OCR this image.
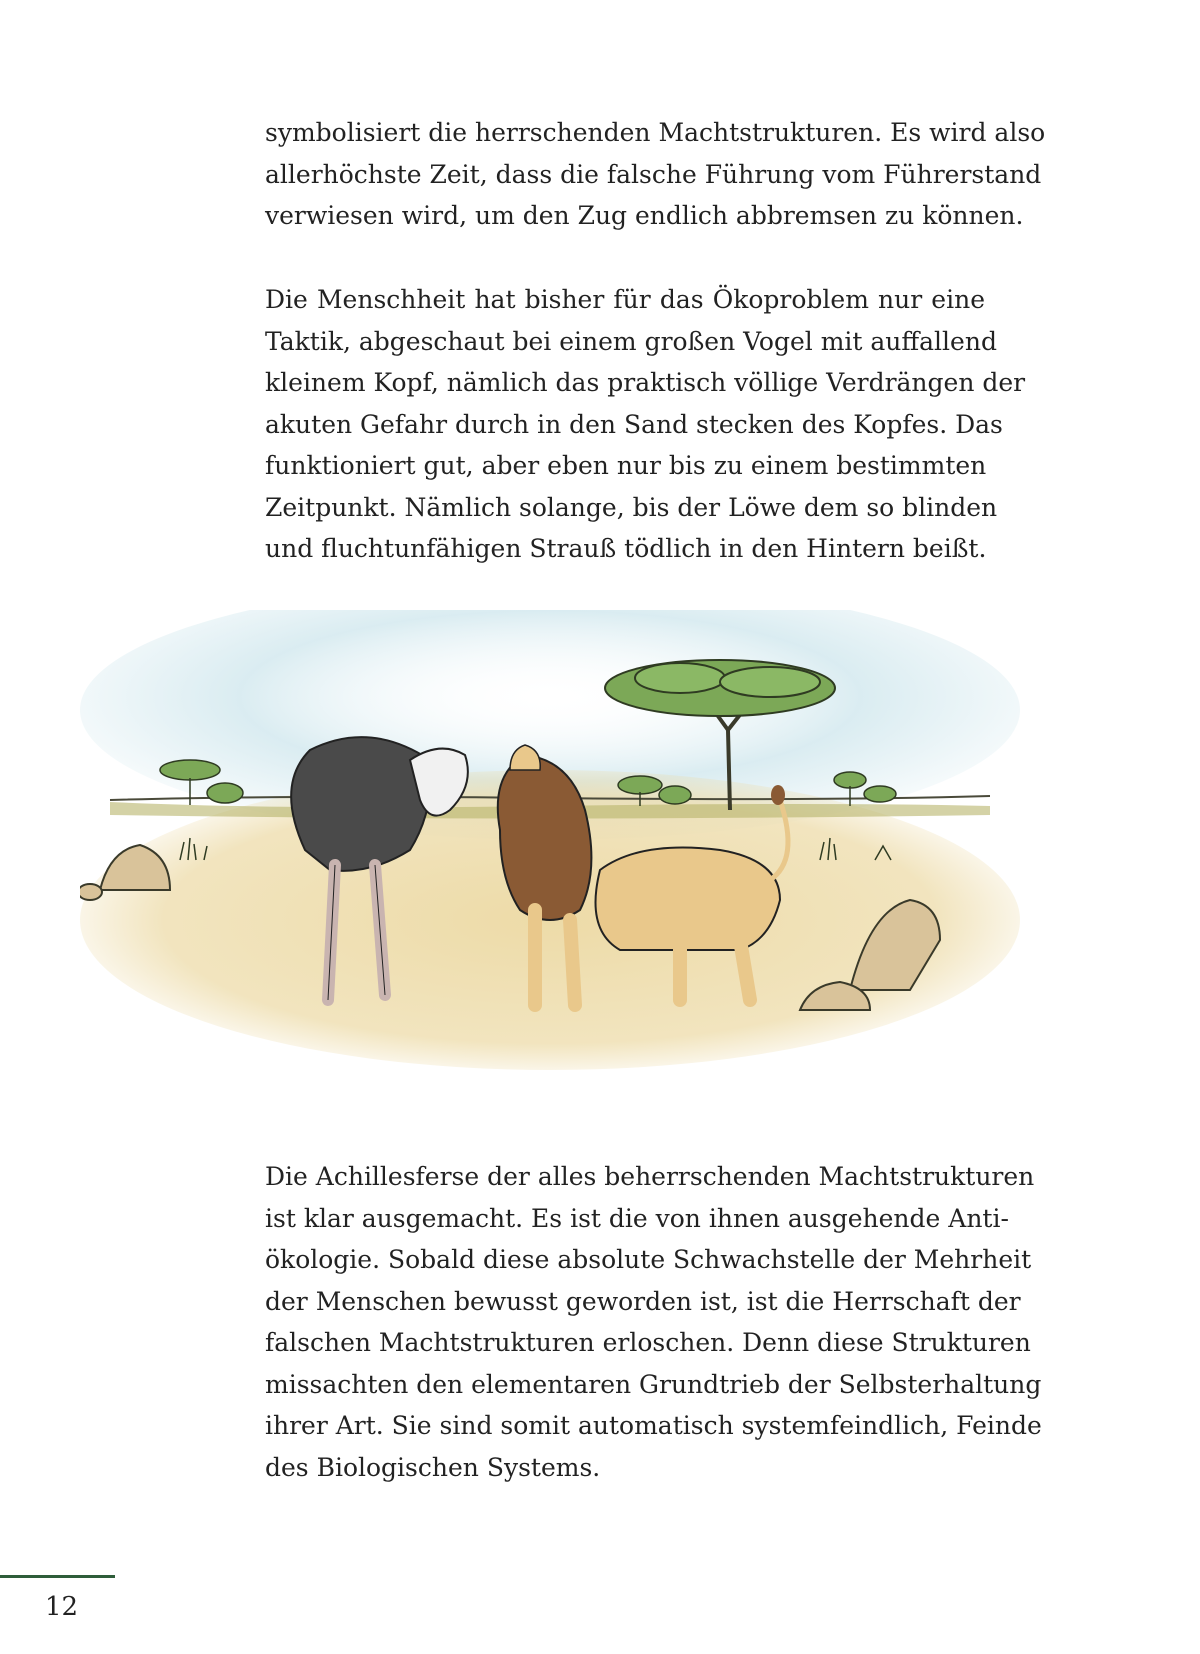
symbolisiert die herrschenden Machtstrukturen. Es wird also
allerhöchste Zeit, dass die falsche Führung vom Führerstand
verwiesen wird, um den Zug endlich abbremsen zu können.
Die Menschheit hat bisher für das Ökoproblem nur eine
Taktik, abgeschaut bei einem großen Vogel mit auffallend
kleinem Kopf, nämlich das praktisch völlige Verdrängen der
akuten Gefahr durch in den Sand stecken des Kopfes. Das
funktioniert gut, aber eben nur bis zu einem bestimmten
Zeitpunkt. Nämlich solange, bis der Löwe dem so blinden
und fluchtunfähigen Strauß tödlich in den Hintern beißt.
Die Achillesferse der alles beherrschenden Machtstrukturen
ist klar ausgemacht. Es ist die von ihnen ausgehende Anti-
ökologie. Sobald diese absolute Schwachstelle der Mehrheit
der Menschen bewusst geworden ist, ist die Herrschaft der
falschen Machtstrukturen erloschen. Denn diese Strukturen
missachten den elementaren Grundtrieb der Selbsterhaltung
ihrer Art. Sie sind somit automatisch systemfeindlich, Feinde
des Biologischen Systems.
12
